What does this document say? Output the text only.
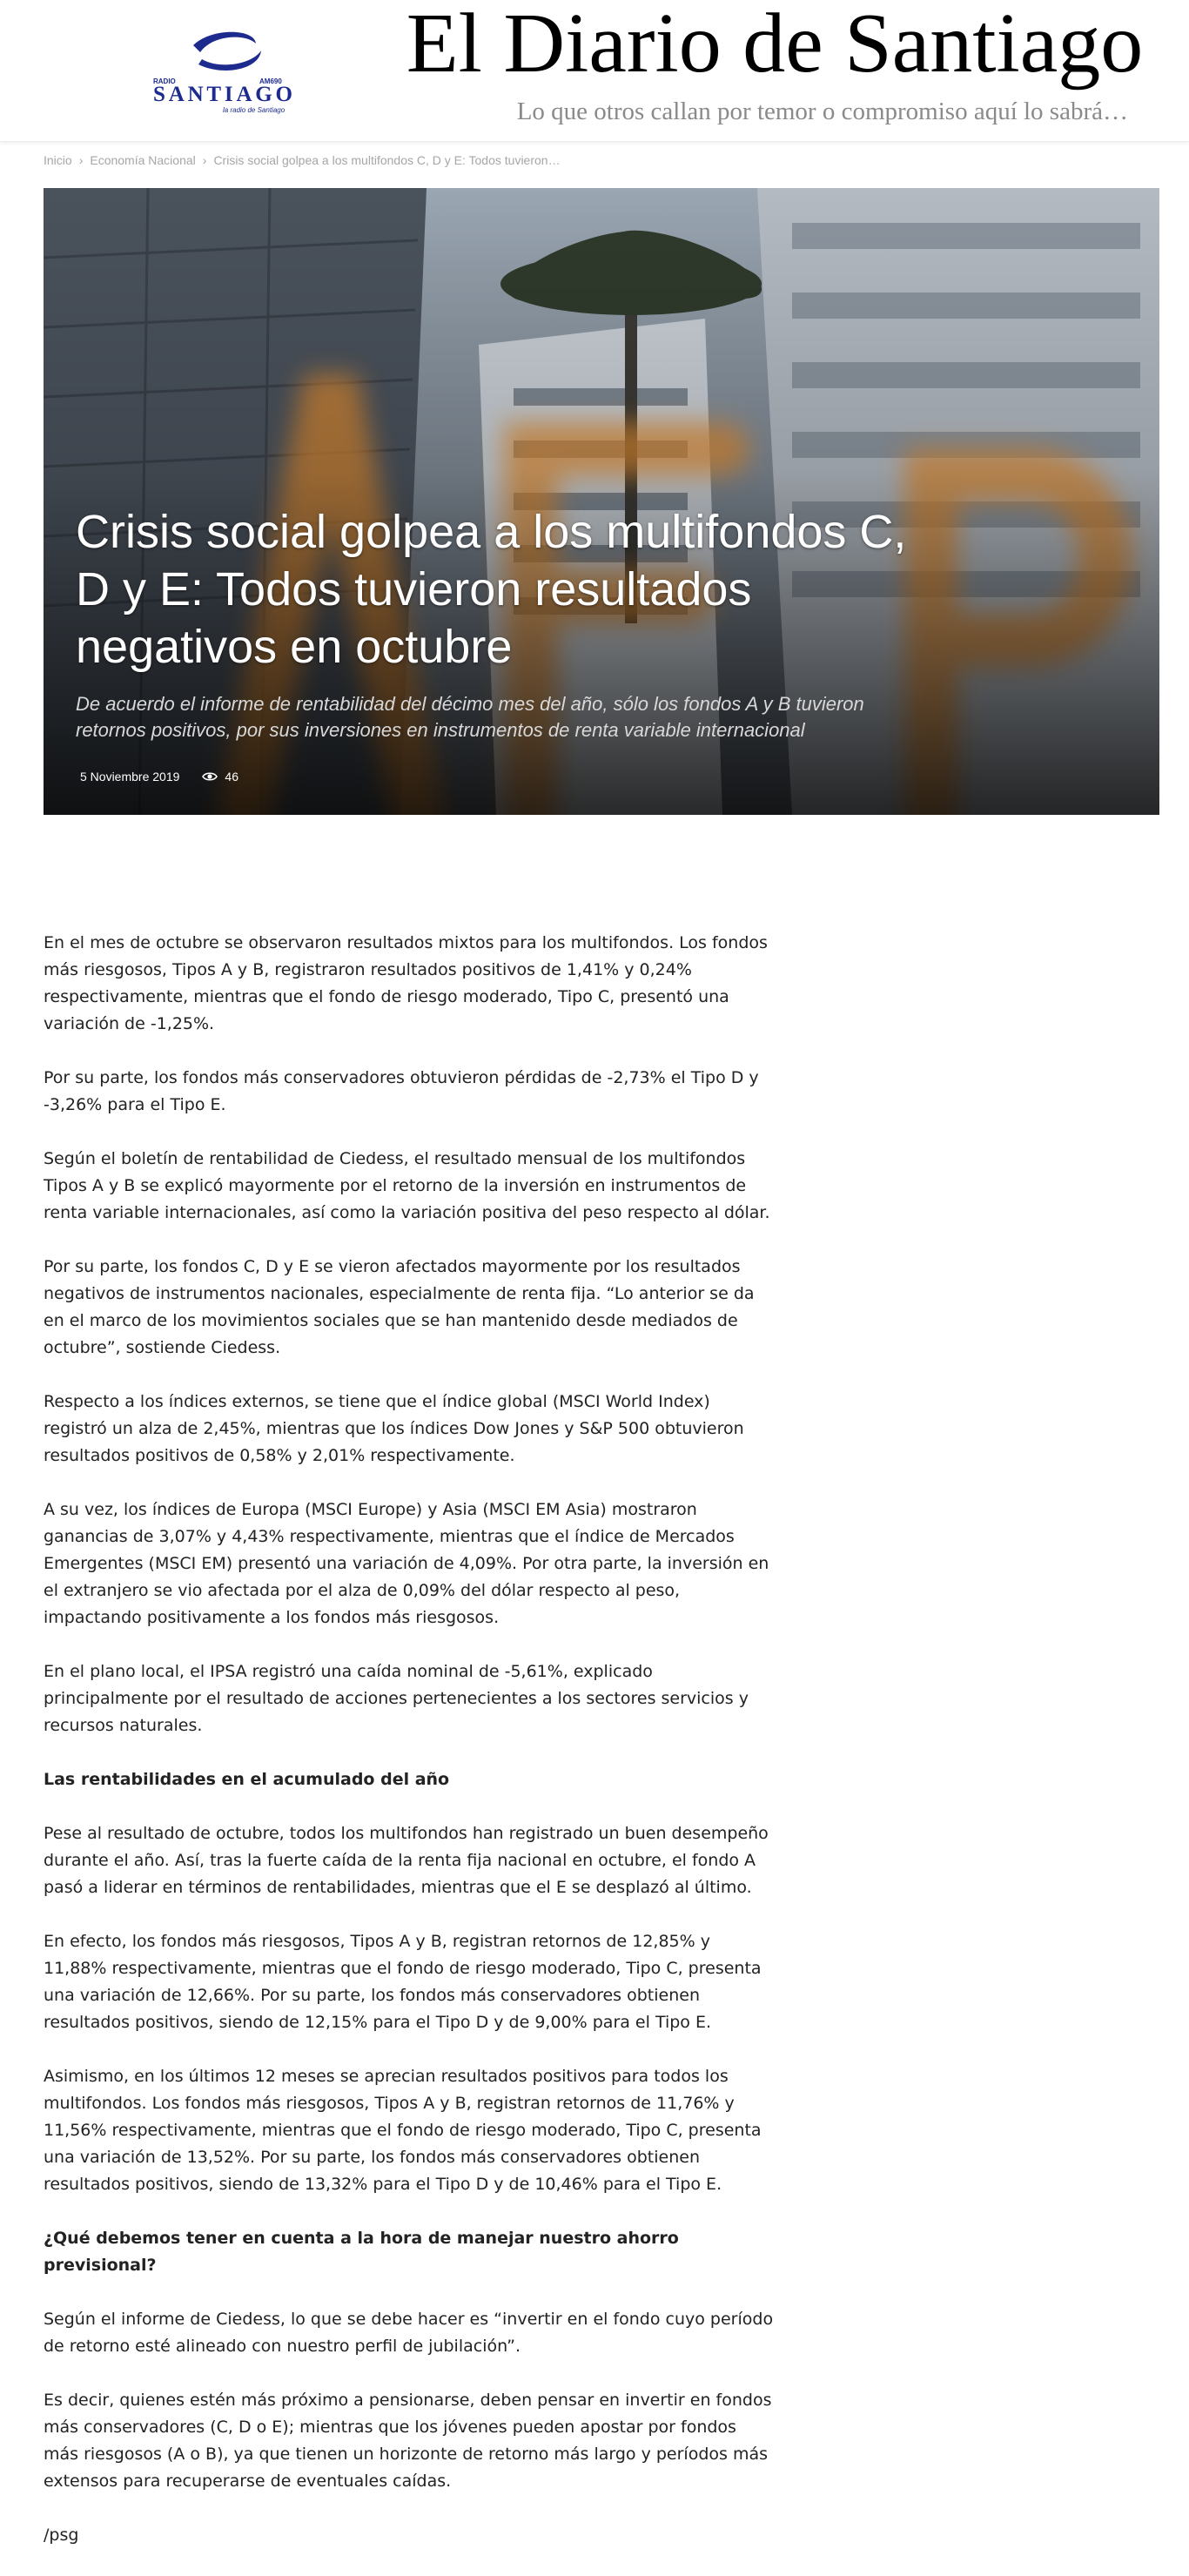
RADIO	AM690
SANTIAGO
la radio de Santiago
El Diario de Santiago
Lo que otros callan por temor o compromiso aquí lo sabrá…
Inicio › Economía Nacional › Crisis social golpea a los multifondos C, D y E: Todos tuvieron…
Crisis social golpea a los multifondos C, D y E: Todos tuvieron resultados negativos en octubre
De acuerdo el informe de rentabilidad del décimo mes del año, sólo los fondos A y B tuvieron retornos positivos, por sus inversiones en instrumentos de renta variable internacional
5 Noviembre 2019	46

En el mes de octubre se observaron resultados mixtos para los multifondos. Los fondos más riesgosos, Tipos A y B, registraron resultados positivos de 1,41% y 0,24% respectivamente, mientras que el fondo de riesgo moderado, Tipo C, presentó una variación de -1,25%.

Por su parte, los fondos más conservadores obtuvieron pérdidas de -2,73% el Tipo D y -3,26% para el Tipo E.

Según el boletín de rentabilidad de Ciedess, el resultado mensual de los multifondos Tipos A y B se explicó mayormente por el retorno de la inversión en instrumentos de renta variable internacionales, así como la variación positiva del peso respecto al dólar.

Por su parte, los fondos C, D y E se vieron afectados mayormente por los resultados negativos de instrumentos nacionales, especialmente de renta fija. “Lo anterior se da en el marco de los movimientos sociales que se han mantenido desde mediados de octubre”, sostiende Ciedess.

Respecto a los índices externos, se tiene que el índice global (MSCI World Index) registró un alza de 2,45%, mientras que los índices Dow Jones y S&P 500 obtuvieron resultados positivos de 0,58% y 2,01% respectivamente.

A su vez, los índices de Europa (MSCI Europe) y Asia (MSCI EM Asia) mostraron ganancias de 3,07% y 4,43% respectivamente, mientras que el índice de Mercados Emergentes (MSCI EM) presentó una variación de 4,09%. Por otra parte, la inversión en el extranjero se vio afectada por el alza de 0,09% del dólar respecto al peso, impactando positivamente a los fondos más riesgosos.

En el plano local, el IPSA registró una caída nominal de -5,61%, explicado principalmente por el resultado de acciones pertenecientes a los sectores servicios y recursos naturales.

Las rentabilidades en el acumulado del año

Pese al resultado de octubre, todos los multifondos han registrado un buen desempeño durante el año. Así, tras la fuerte caída de la renta fija nacional en octubre, el fondo A pasó a liderar en términos de rentabilidades, mientras que el E se desplazó al último.

En efecto, los fondos más riesgosos, Tipos A y B, registran retornos de 12,85% y 11,88% respectivamente, mientras que el fondo de riesgo moderado, Tipo C, presenta una variación de 12,66%. Por su parte, los fondos más conservadores obtienen resultados positivos, siendo de 12,15% para el Tipo D y de 9,00% para el Tipo E.

Asimismo, en los últimos 12 meses se aprecian resultados positivos para todos los multifondos. Los fondos más riesgosos, Tipos A y B, registran retornos de 11,76% y 11,56% respectivamente, mientras que el fondo de riesgo moderado, Tipo C, presenta una variación de 13,52%. Por su parte, los fondos más conservadores obtienen resultados positivos, siendo de 13,32% para el Tipo D y de 10,46% para el Tipo E.

¿Qué debemos tener en cuenta a la hora de manejar nuestro ahorro previsional?

Según el informe de Ciedess, lo que se debe hacer es “invertir en el fondo cuyo período de retorno esté alineado con nuestro perfil de jubilación”.

Es decir, quienes estén más próximo a pensionarse, deben pensar en invertir en fondos más conservadores (C, D o E); mientras que los jóvenes pueden apostar por fondos más riesgosos (A o B), ya que tienen un horizonte de retorno más largo y períodos más extensos para recuperarse de eventuales caídas.

/psg
